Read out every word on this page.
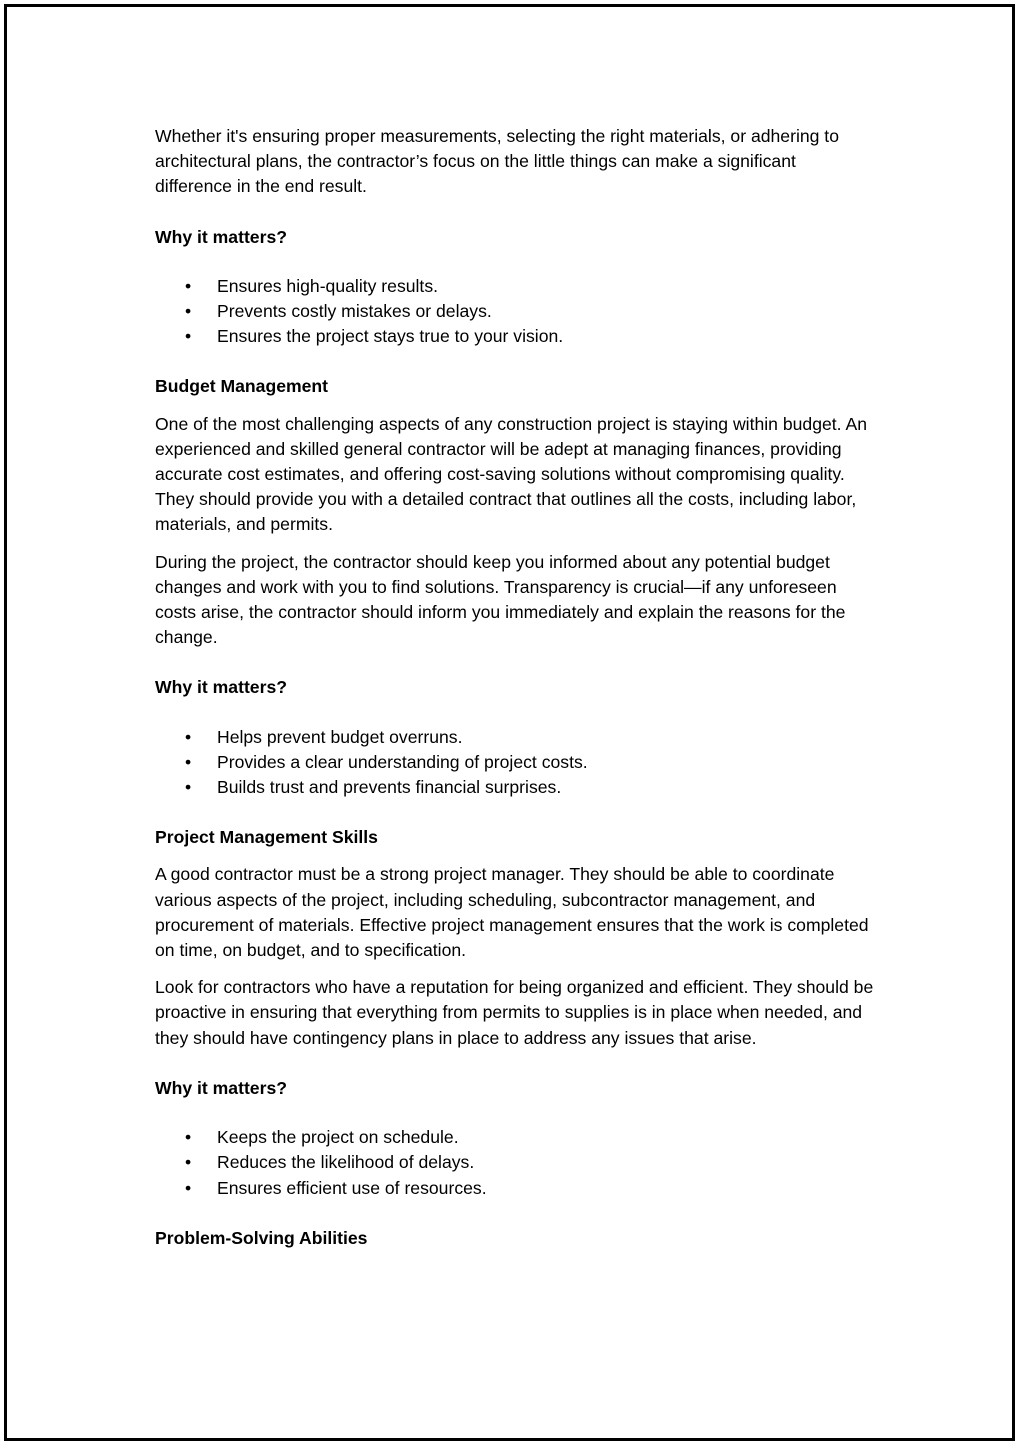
Whether it's ensuring proper measurements, selecting the right materials, or adhering to architectural plans, the contractor’s focus on the little things can make a significant difference in the end result.

Why it matters?

• Ensures high-quality results.
• Prevents costly mistakes or delays.
• Ensures the project stays true to your vision.

Budget Management

One of the most challenging aspects of any construction project is staying within budget. An experienced and skilled general contractor will be adept at managing finances, providing accurate cost estimates, and offering cost-saving solutions without compromising quality. They should provide you with a detailed contract that outlines all the costs, including labor, materials, and permits.

During the project, the contractor should keep you informed about any potential budget changes and work with you to find solutions. Transparency is crucial—if any unforeseen costs arise, the contractor should inform you immediately and explain the reasons for the change.

Why it matters?

• Helps prevent budget overruns.
• Provides a clear understanding of project costs.
• Builds trust and prevents financial surprises.

Project Management Skills

A good contractor must be a strong project manager. They should be able to coordinate various aspects of the project, including scheduling, subcontractor management, and procurement of materials. Effective project management ensures that the work is completed on time, on budget, and to specification.

Look for contractors who have a reputation for being organized and efficient. They should be proactive in ensuring that everything from permits to supplies is in place when needed, and they should have contingency plans in place to address any issues that arise.

Why it matters?

• Keeps the project on schedule.
• Reduces the likelihood of delays.
• Ensures efficient use of resources.

Problem-Solving Abilities
